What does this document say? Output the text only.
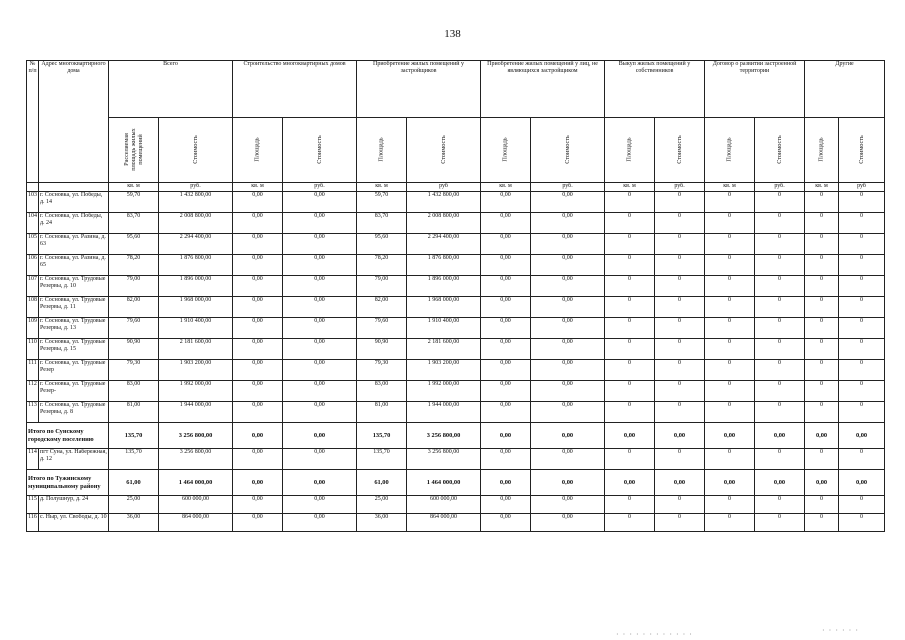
138
№ п/п	Адрес многоквартирного дома	Всего		Строительство многоквартирных домов		Приобретение жилых помещений у застройщиков		Приобретение жилых помещений у лиц, не являющихся застройщиком		Выкуп жилых помещений у собственников		Договор о развитии застроенной территории		Другие	

		Расселяемая площадь жилых помещений	Стоимость	Площадь	Стоимость	Площадь	Стоимость	Площадь	Стоимость	Площадь	Стоимость	Площадь	Стоимость	Площадь	Стоимость

		кв. м	руб.	кв. м	руб.	кв. м	руб	кв. м	руб.	кв. м	руб.	кв. м	руб.	кв. м	руб
103	г. Сосновка, ул. Победы, д. 14	59,70	1 432 800,00	0,00	0,00	59,70	1 432 800,00	0,00	0,00	0	0	0	0	0	0
104	г. Сосновка, ул. Победы, д. 24	83,70	2 008 800,00	0,00	0,00	83,70	2 008 800,00	0,00	0,00	0	0	0	0	0	0
105	г. Сосновка, ул. Разина, д. 63	95,60	2 294 400,00	0,00	0,00	95,60	2 294 400,00	0,00	0,00	0	0	0	0	0	0
106	г. Сосновка, ул. Разина, д. 65	78,20	1 876 800,00	0,00	0,00	78,20	1 876 800,00	0,00	0,00	0	0	0	0	0	0
107	г. Сосновка, ул. Трудовые Резервы, д. 10	79,00	1 896 000,00	0,00	0,00	79,00	1 896 000,00	0,00	0,00	0	0	0	0	0	0
108	г. Сосновка, ул. Трудовые Резервы, д. 11	82,00	1 968 000,00	0,00	0,00	82,00	1 968 000,00	0,00	0,00	0	0	0	0	0	0
109	г. Сосновка, ул. Трудовые Резервы, д. 13	79,60	1 910 400,00	0,00	0,00	79,60	1 910 400,00	0,00	0,00	0	0	0	0	0	0
110	г. Сосновка, ул. Трудовые Резервы, д. 15	90,90	2 181 600,00	0,00	0,00	90,90	2 181 600,00	0,00	0,00	0	0	0	0	0	0
111	г. Сосновка, ул. Трудовые Резер	79,30	1 903 200,00	0,00	0,00	79,30	1 903 200,00	0,00	0,00	0	0	0	0	0	0
112	г. Сосновка, ул. Трудовые Резер-	83,00	1 992 000,00	0,00	0,00	83,00	1 992 000,00	0,00	0,00	0	0	0	0	0	0
113	г. Сосновка, ул. Трудовые Резервы, д. 8	81,00	1 944 000,00	0,00	0,00	81,00	1 944 000,00	0,00	0,00	0	0	0	0	0	0
Итого по Сунскому городскому поселению		135,70	3 256 800,00	0,00	0,00	135,70	3 256 800,00	0,00	0,00	0,00	0,00	0,00	0,00	0,00	0,00
114	пгт Суна, ул. Набережная, д. 12	135,70	3 256 800,00	0,00	0,00	135,70	3 256 800,00	0,00	0,00	0	0	0	0	0	0
Итого по Тужинскому муниципальному району		61,00	1 464 000,00	0,00	0,00	61,00	1 464 000,00	0,00	0,00	0,00	0,00	0,00	0,00	0,00	0,00
115	д. Полушнур, д. 24	25,00	600 000,00	0,00	0,00	25,00	600 000,00	0,00	0,00	0	0	0	0	0	0
116	с. Ныр, ул. Свободы, д. 10	36,00	864 000,00	0,00	0,00	36,00	864 000,00	0,00	0,00	0	0	0	0	0	0
· · · · · · · · · · · ·	· · · · · ·
